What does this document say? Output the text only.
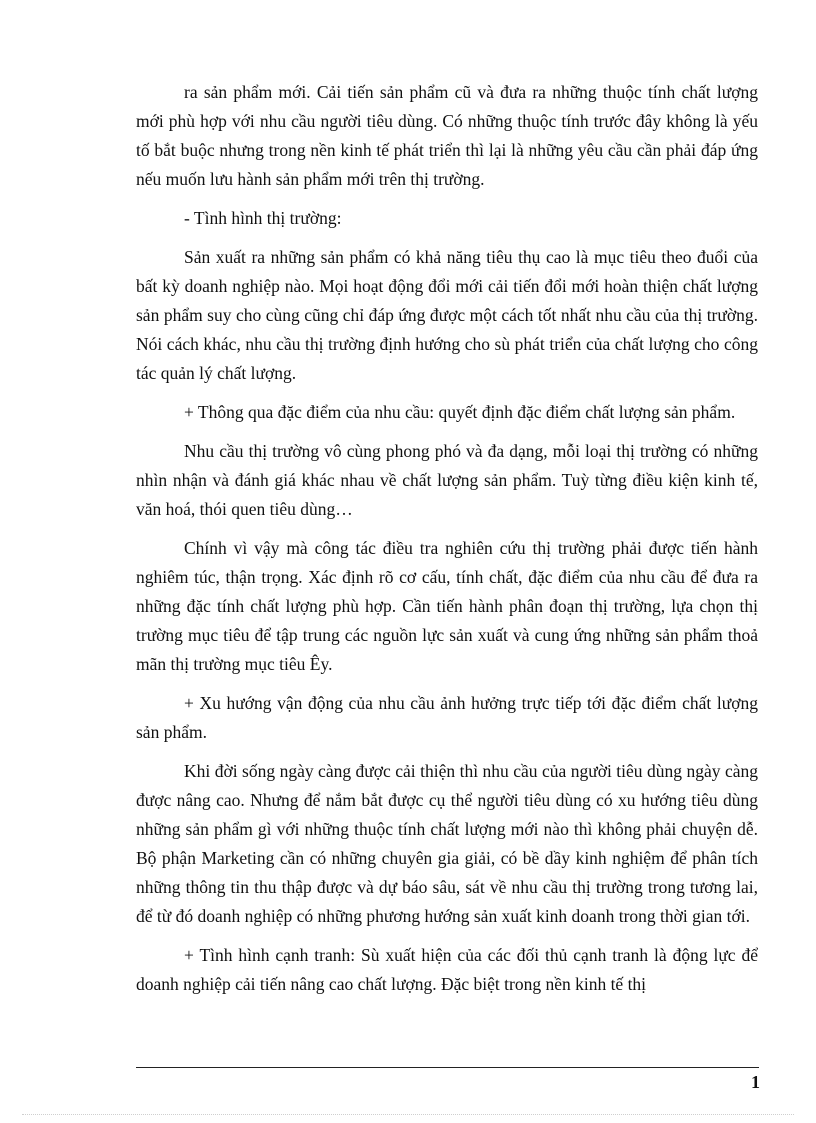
ra sản phẩm mới. Cải tiến sản phẩm cũ và đưa ra những thuộc tính chất lượng mới phù hợp với nhu cầu người tiêu dùng. Có những thuộc tính trước đây không là yếu tố bắt buộc nhưng trong nền kinh tế phát triển thì lại là những yêu cầu cần phải đáp ứng nếu muốn lưu hành sản phẩm mới trên thị trường.

- Tình hình thị trường:

Sản xuất ra những sản phẩm có khả năng tiêu thụ cao là mục tiêu theo đuổi của bất kỳ doanh nghiệp nào. Mọi hoạt động đổi mới cải tiến đổi mới hoàn thiện chất lượng sản phẩm suy cho cùng cũng chỉ đáp ứng được một cách tốt nhất nhu cầu của thị trường. Nói cách khác, nhu cầu thị trường định hướng cho sù phát triển của chất lượng cho công tác quản lý chất lượng.

+ Thông qua đặc điểm của nhu cầu: quyết định đặc điểm chất lượng sản phẩm.

Nhu cầu thị trường vô cùng phong phó và đa dạng, mỗi loại thị trường có những nhìn nhận và đánh giá khác nhau về chất lượng sản phẩm. Tuỳ từng điều kiện kinh tế, văn hoá, thói quen tiêu dùng…

Chính vì vậy mà công tác điều tra nghiên cứu thị trường phải được tiến hành nghiêm túc, thận trọng. Xác định rõ cơ cấu, tính chất, đặc điểm của nhu cầu để đưa ra những đặc tính chất lượng phù hợp. Cần tiến hành phân đoạn thị trường, lựa chọn thị trường mục tiêu để tập trung các nguồn lực sản xuất và cung ứng những sản phẩm thoả mãn thị trường mục tiêu Êy.

+ Xu hướng vận động của nhu cầu ảnh hưởng trực tiếp tới đặc điểm chất lượng sản phẩm.

Khi đời sống ngày càng được cải thiện thì nhu cầu của người tiêu dùng ngày càng được nâng cao. Nhưng để nắm bắt được cụ thể người tiêu dùng có xu hướng tiêu dùng những sản phẩm gì với những thuộc tính chất lượng mới nào thì không phải chuyện dễ. Bộ phận Marketing cần có những chuyên gia giải, có bề dầy kinh nghiệm để phân tích những thông tin thu thập được và dự báo sâu, sát về nhu cầu thị trường trong tương lai, để từ đó doanh nghiệp có những phương hướng sản xuất kinh doanh trong thời gian tới.

+ Tình hình cạnh tranh: Sù xuất hiện của các đối thủ cạnh tranh là động lực để doanh nghiệp cải tiến nâng cao chất lượng. Đặc biệt trong nền kinh tế thị

1
